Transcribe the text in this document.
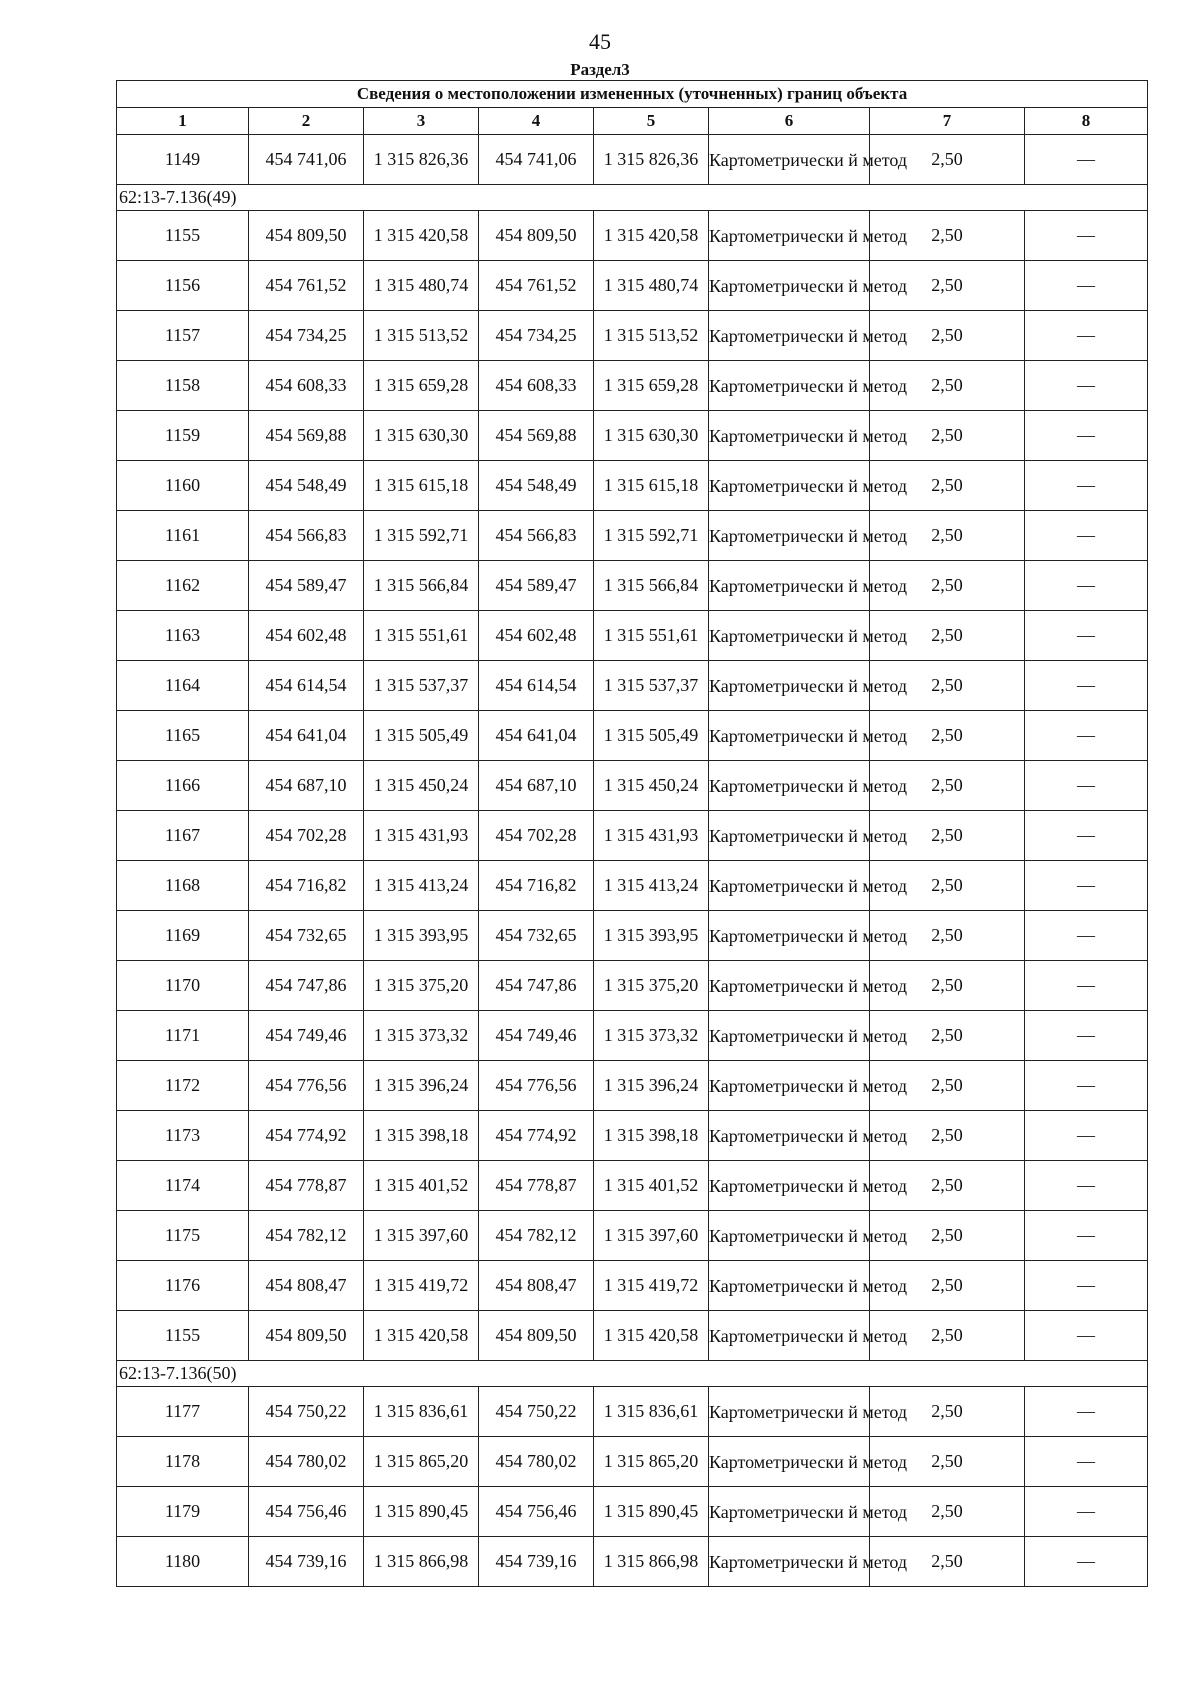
45
Раздел3
Сведения о местоположении измененных (уточненных) границ объекта							
1	2	3	4	5	6	7	8
1149	454 741,06	1 315 826,36	454 741,06	1 315 826,36	Картометрически й метод	2,50	—
62:13-7.136(49)							
1155	454 809,50	1 315 420,58	454 809,50	1 315 420,58	Картометрически й метод	2,50	—
1156	454 761,52	1 315 480,74	454 761,52	1 315 480,74	Картометрически й метод	2,50	—
1157	454 734,25	1 315 513,52	454 734,25	1 315 513,52	Картометрически й метод	2,50	—
1158	454 608,33	1 315 659,28	454 608,33	1 315 659,28	Картометрически й метод	2,50	—
1159	454 569,88	1 315 630,30	454 569,88	1 315 630,30	Картометрически й метод	2,50	—
1160	454 548,49	1 315 615,18	454 548,49	1 315 615,18	Картометрически й метод	2,50	—
1161	454 566,83	1 315 592,71	454 566,83	1 315 592,71	Картометрически й метод	2,50	—
1162	454 589,47	1 315 566,84	454 589,47	1 315 566,84	Картометрически й метод	2,50	—
1163	454 602,48	1 315 551,61	454 602,48	1 315 551,61	Картометрически й метод	2,50	—
1164	454 614,54	1 315 537,37	454 614,54	1 315 537,37	Картометрически й метод	2,50	—
1165	454 641,04	1 315 505,49	454 641,04	1 315 505,49	Картометрически й метод	2,50	—
1166	454 687,10	1 315 450,24	454 687,10	1 315 450,24	Картометрически й метод	2,50	—
1167	454 702,28	1 315 431,93	454 702,28	1 315 431,93	Картометрически й метод	2,50	—
1168	454 716,82	1 315 413,24	454 716,82	1 315 413,24	Картометрически й метод	2,50	—
1169	454 732,65	1 315 393,95	454 732,65	1 315 393,95	Картометрически й метод	2,50	—
1170	454 747,86	1 315 375,20	454 747,86	1 315 375,20	Картометрически й метод	2,50	—
1171	454 749,46	1 315 373,32	454 749,46	1 315 373,32	Картометрически й метод	2,50	—
1172	454 776,56	1 315 396,24	454 776,56	1 315 396,24	Картометрически й метод	2,50	—
1173	454 774,92	1 315 398,18	454 774,92	1 315 398,18	Картометрически й метод	2,50	—
1174	454 778,87	1 315 401,52	454 778,87	1 315 401,52	Картометрически й метод	2,50	—
1175	454 782,12	1 315 397,60	454 782,12	1 315 397,60	Картометрически й метод	2,50	—
1176	454 808,47	1 315 419,72	454 808,47	1 315 419,72	Картометрически й метод	2,50	—
1155	454 809,50	1 315 420,58	454 809,50	1 315 420,58	Картометрически й метод	2,50	—
62:13-7.136(50)							
1177	454 750,22	1 315 836,61	454 750,22	1 315 836,61	Картометрически й метод	2,50	—
1178	454 780,02	1 315 865,20	454 780,02	1 315 865,20	Картометрически й метод	2,50	—
1179	454 756,46	1 315 890,45	454 756,46	1 315 890,45	Картометрически й метод	2,50	—
1180	454 739,16	1 315 866,98	454 739,16	1 315 866,98	Картометрически й метод	2,50	—
